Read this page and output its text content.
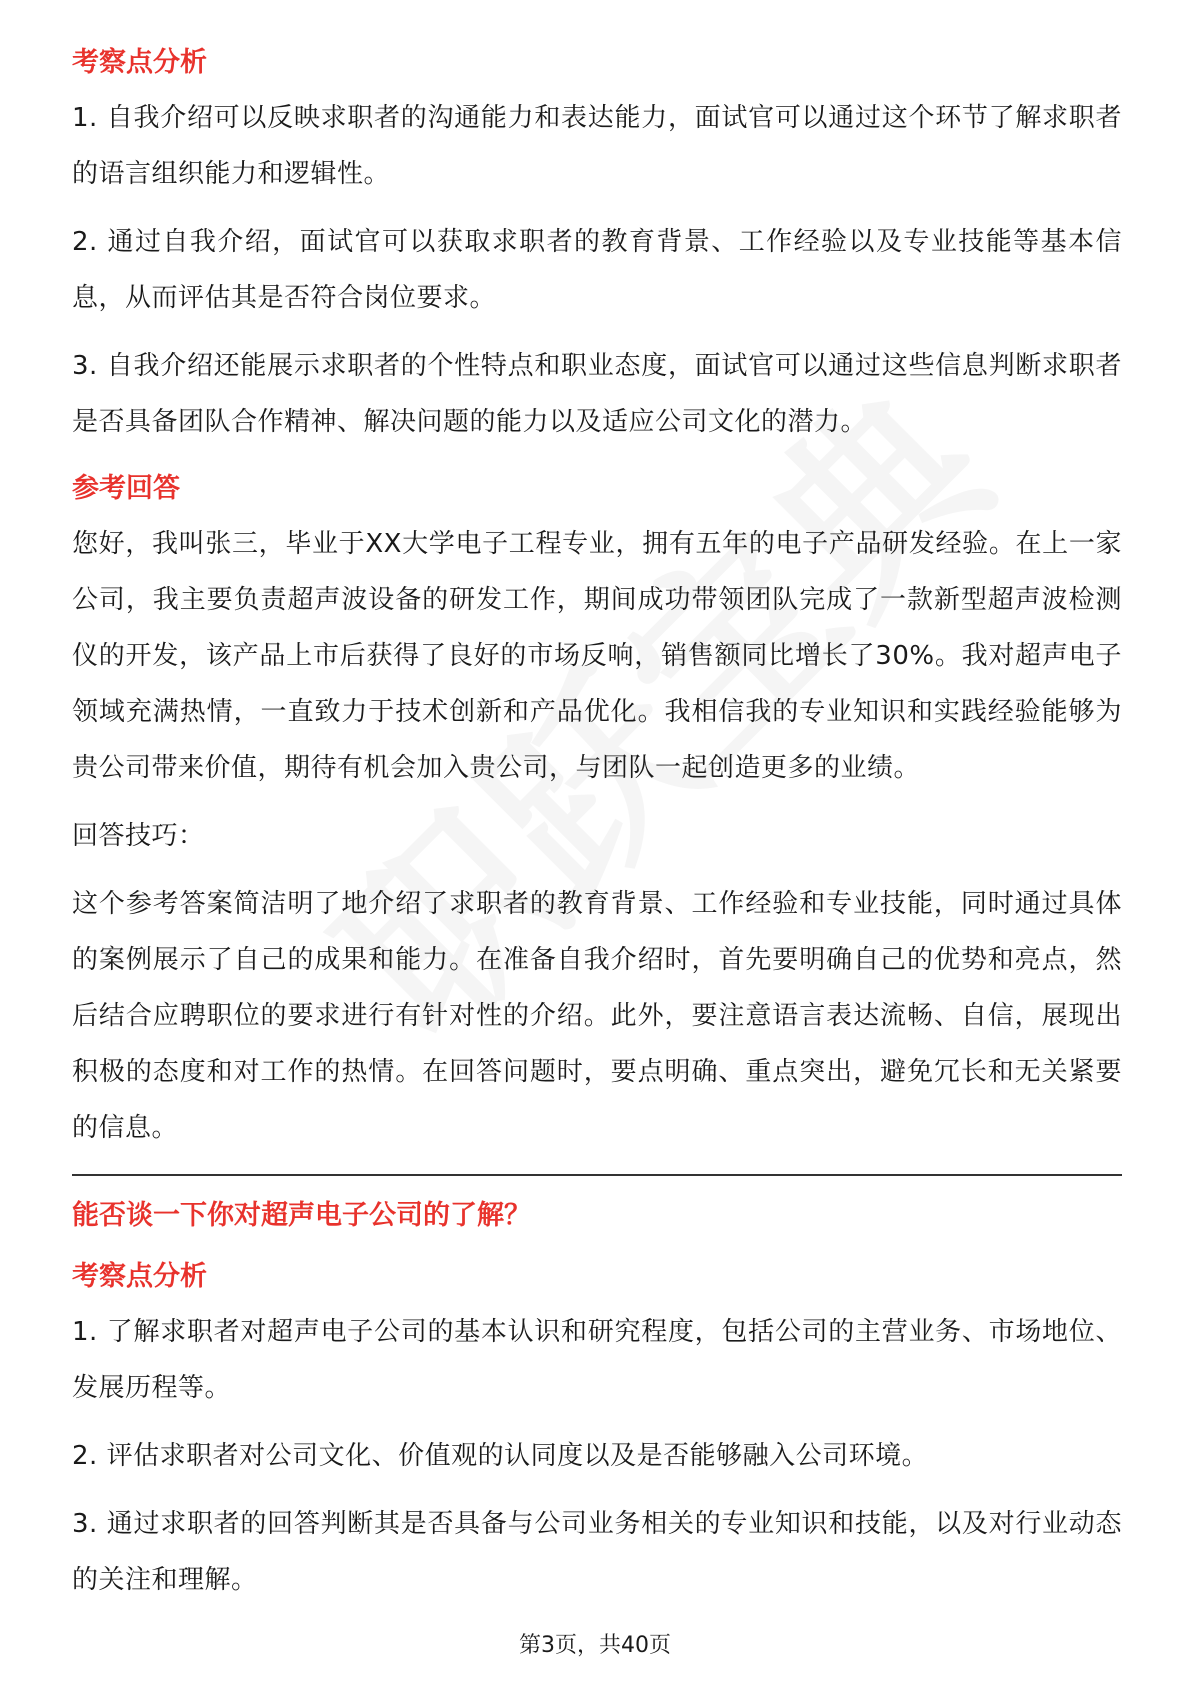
考察点分析

1. 自我介绍可以反映求职者的沟通能力和表达能力，面试官可以通过这个环节了解求职者的语言组织能力和逻辑性。

2. 通过自我介绍，面试官可以获取求职者的教育背景、工作经验以及专业技能等基本信息，从而评估其是否符合岗位要求。

3. 自我介绍还能展示求职者的个性特点和职业态度，面试官可以通过这些信息判断求职者是否具备团队合作精神、解决问题的能力以及适应公司文化的潜力。

参考回答

您好，我叫张三，毕业于XX大学电子工程专业，拥有五年的电子产品研发经验。在上一家公司，我主要负责超声波设备的研发工作，期间成功带领团队完成了一款新型超声波检测仪的开发，该产品上市后获得了良好的市场反响，销售额同比增长了30%。我对超声电子领域充满热情，一直致力于技术创新和产品优化。我相信我的专业知识和实践经验能够为贵公司带来价值，期待有机会加入贵公司，与团队一起创造更多的业绩。

回答技巧：

这个参考答案简洁明了地介绍了求职者的教育背景、工作经验和专业技能，同时通过具体的案例展示了自己的成果和能力。在准备自我介绍时，首先要明确自己的优势和亮点，然后结合应聘职位的要求进行有针对性的介绍。此外，要注意语言表达流畅、自信，展现出积极的态度和对工作的热情。在回答问题时，要点明确、重点突出，避免冗长和无关紧要的信息。

能否谈一下你对超声电子公司的了解？
考察点分析

1. 了解求职者对超声电子公司的基本认识和研究程度，包括公司的主营业务、市场地位、发展历程等。

2. 评估求职者对公司文化、价值观的认同度以及是否能够融入公司环境。

3. 通过求职者的回答判断其是否具备与公司业务相关的专业知识和技能，以及对行业动态的关注和理解。

第3页，共40页
